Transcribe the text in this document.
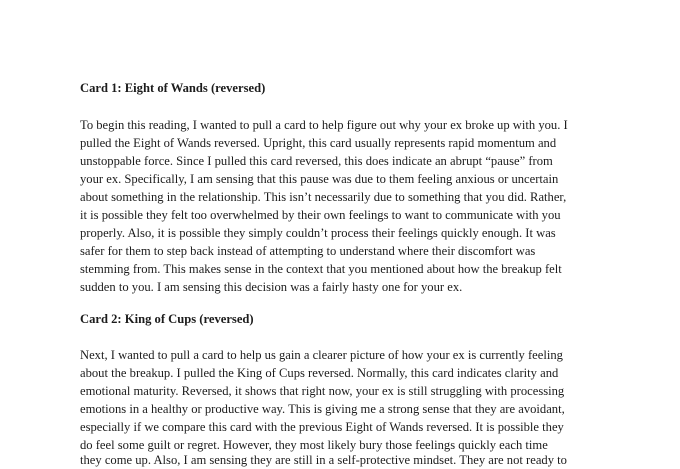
Card 1: Eight of Wands (reversed)

To begin this reading, I wanted to pull a card to help figure out why your ex broke up with you. I

pulled the Eight of Wands reversed. Upright, this card usually represents rapid momentum and

unstoppable force. Since I pulled this card reversed, this does indicate an abrupt “pause” from

your ex. Specifically, I am sensing that this pause was due to them feeling anxious or uncertain

about something in the relationship. This isn’t necessarily due to something that you did. Rather,

it is possible they felt too overwhelmed by their own feelings to want to communicate with you

properly. Also, it is possible they simply couldn’t process their feelings quickly enough. It was

safer for them to step back instead of attempting to understand where their discomfort was

stemming from. This makes sense in the context that you mentioned about how the breakup felt

sudden to you. I am sensing this decision was a fairly hasty one for your ex.

Card 2: King of Cups (reversed)

Next, I wanted to pull a card to help us gain a clearer picture of how your ex is currently feeling

about the breakup. I pulled the King of Cups reversed. Normally, this card indicates clarity and

emotional maturity. Reversed, it shows that right now, your ex is still struggling with processing

emotions in a healthy or productive way. This is giving me a strong sense that they are avoidant,

especially if we compare this card with the previous Eight of Wands reversed. It is possible they

do feel some guilt or regret. However, they most likely bury those feelings quickly each time

they come up. Also, I am sensing they are still in a self-protective mindset. They are not ready to
